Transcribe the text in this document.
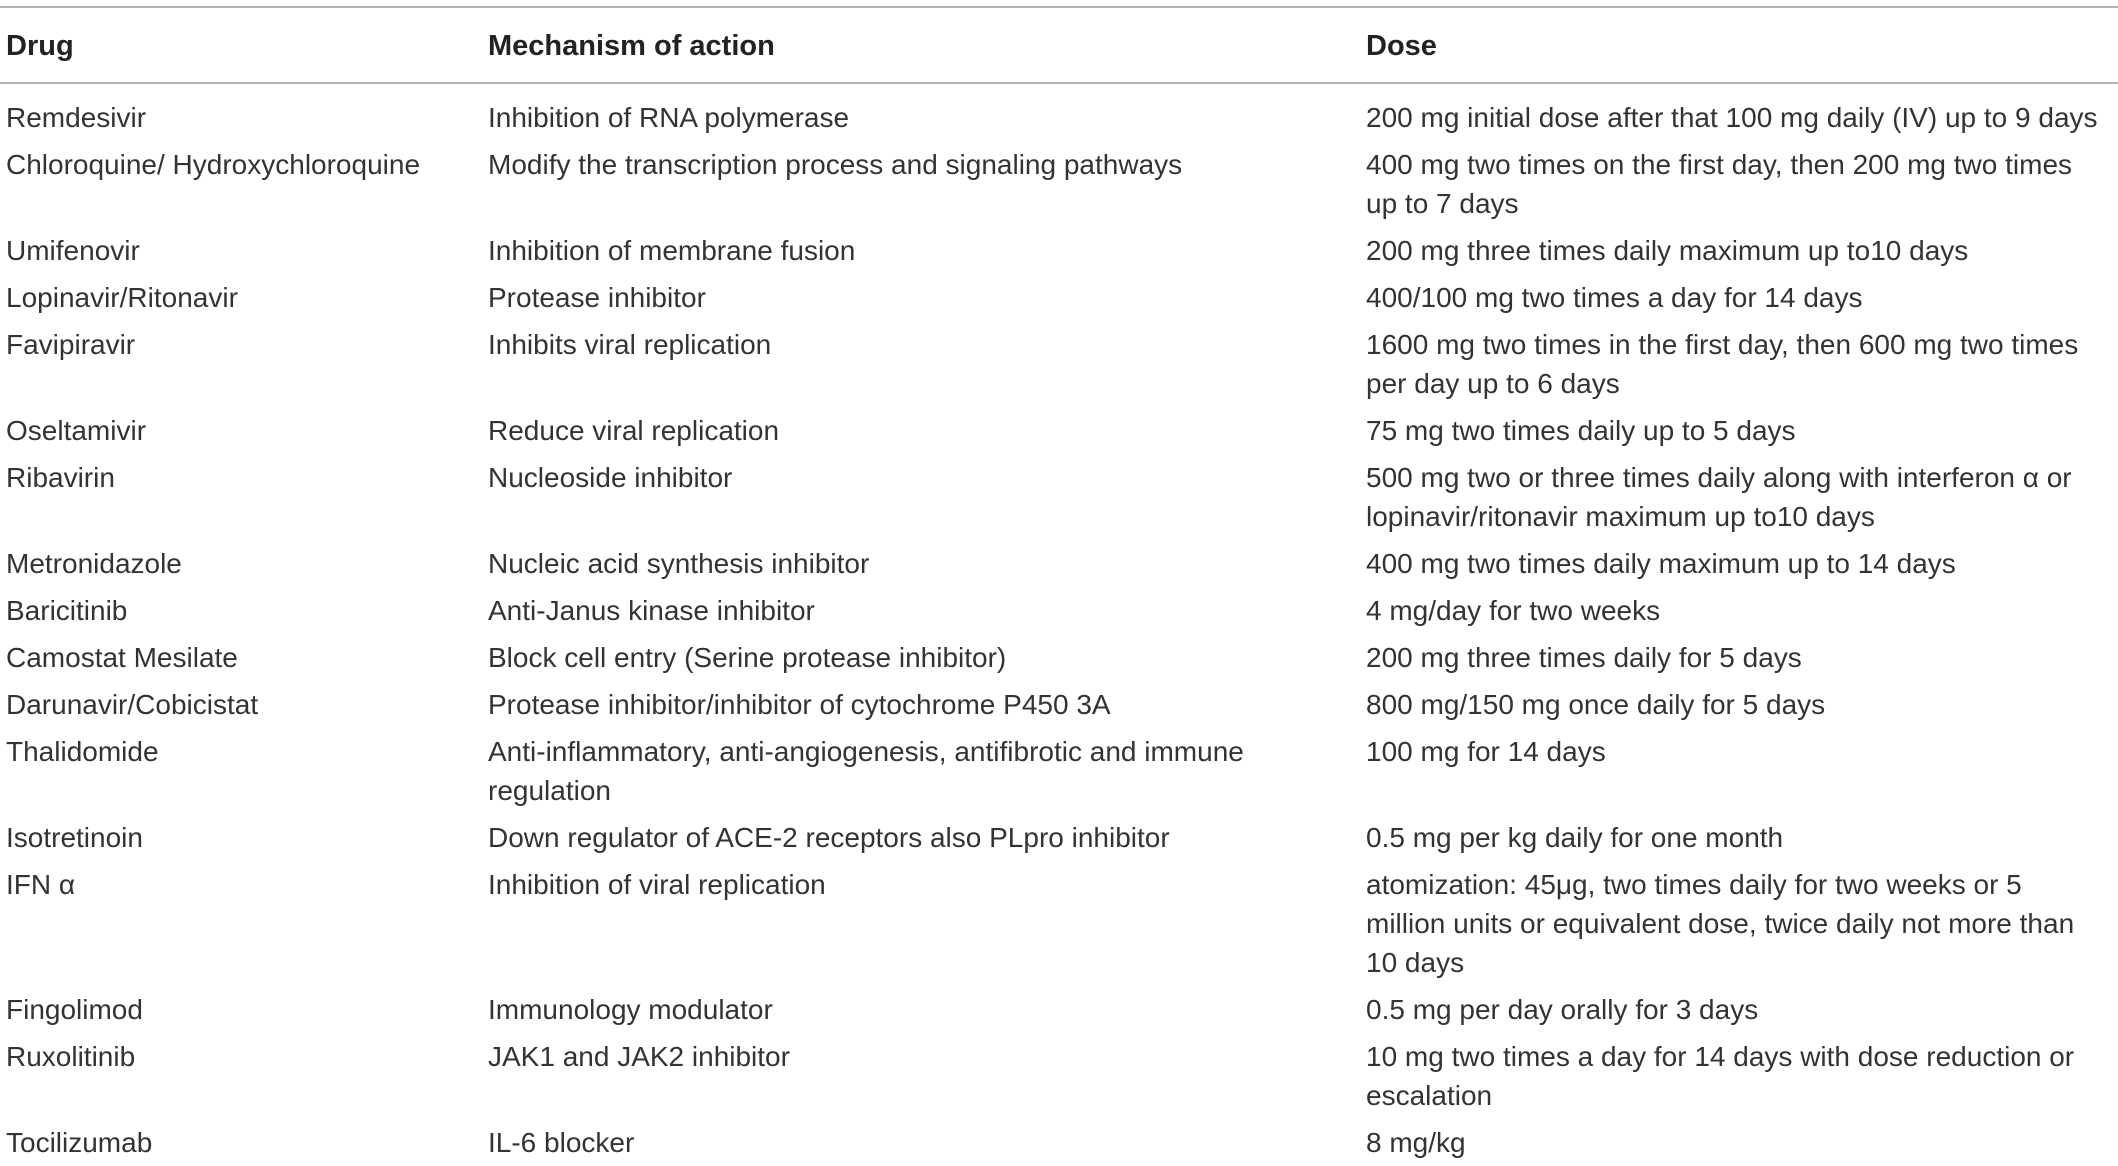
Drug	Mechanism of action	Dose
Remdesivir	Inhibition of RNA polymerase	200 mg initial dose after that 100 mg daily (IV) up to 9 days
Chloroquine/ Hydroxychloroquine	Modify the transcription process and signaling pathways	400 mg two times on the first day, then 200 mg two times up to 7 days
Umifenovir	Inhibition of membrane fusion	200 mg three times daily maximum up to10 days
Lopinavir/Ritonavir	Protease inhibitor	400/100 mg two times a day for 14 days
Favipiravir	Inhibits viral replication	1600 mg two times in the first day, then 600 mg two times per day up to 6 days
Oseltamivir	Reduce viral replication	75 mg two times daily up to 5 days
Ribavirin	Nucleoside inhibitor	500 mg two or three times daily along with interferon α or lopinavir/ritonavir maximum up to10 days
Metronidazole	Nucleic acid synthesis inhibitor	400 mg two times daily maximum up to 14 days
Baricitinib	Anti-Janus kinase inhibitor	4 mg/day for two weeks
Camostat Mesilate	Block cell entry (Serine protease inhibitor)	200 mg three times daily for 5 days
Darunavir/Cobicistat	Protease inhibitor/inhibitor of cytochrome P450 3A	800 mg/150 mg once daily for 5 days
Thalidomide	Anti-inflammatory, anti-angiogenesis, antifibrotic and immune regulation	100 mg for 14 days
Isotretinoin	Down regulator of ACE-2 receptors also PLpro inhibitor	0.5 mg per kg daily for one month
IFN α	Inhibition of viral replication	atomization: 45μg, two times daily for two weeks or 5 million units or equivalent dose, twice daily not more than 10 days
Fingolimod	Immunology modulator	0.5 mg per day orally for 3 days
Ruxolitinib	JAK1 and JAK2 inhibitor	10 mg two times a day for 14 days with dose reduction or escalation
Tocilizumab	IL-6 blocker	8 mg/kg
